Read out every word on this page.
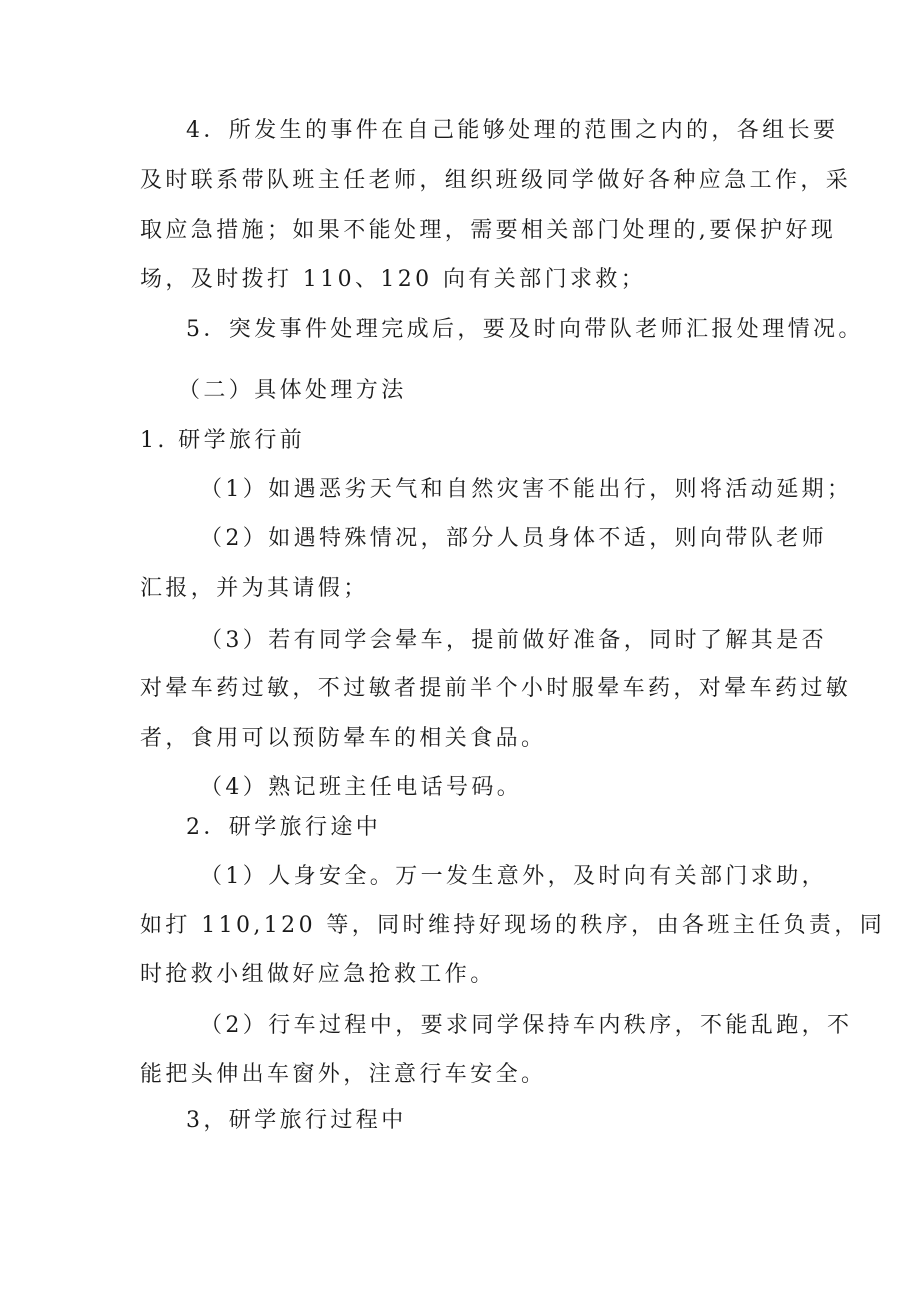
4．所发生的事件在自己能够处理的范围之内的，各组长要
及时联系带队班主任老师，组织班级同学做好各种应急工作，采
取应急措施；如果不能处理，需要相关部门处理的,要保护好现
场，及时拨打 110、120 向有关部门求救；
5．突发事件处理完成后，要及时向带队老师汇报处理情况。
（二）具体处理方法
1. 研学旅行前
（1）如遇恶劣天气和自然灾害不能出行，则将活动延期；
（2）如遇特殊情况，部分人员身体不适，则向带队老师
汇报，并为其请假；
（3）若有同学会晕车，提前做好准备，同时了解其是否
对晕车药过敏，不过敏者提前半个小时服晕车药，对晕车药过敏
者，食用可以预防晕车的相关食品。
（4）熟记班主任电话号码。
2．研学旅行途中
（1）人身安全。万一发生意外，及时向有关部门求助，
如打 110,120 等，同时维持好现场的秩序，由各班主任负责，同
时抢救小组做好应急抢救工作。
（2）行车过程中，要求同学保持车内秩序，不能乱跑，不
能把头伸出车窗外，注意行车安全。
3，研学旅行过程中
